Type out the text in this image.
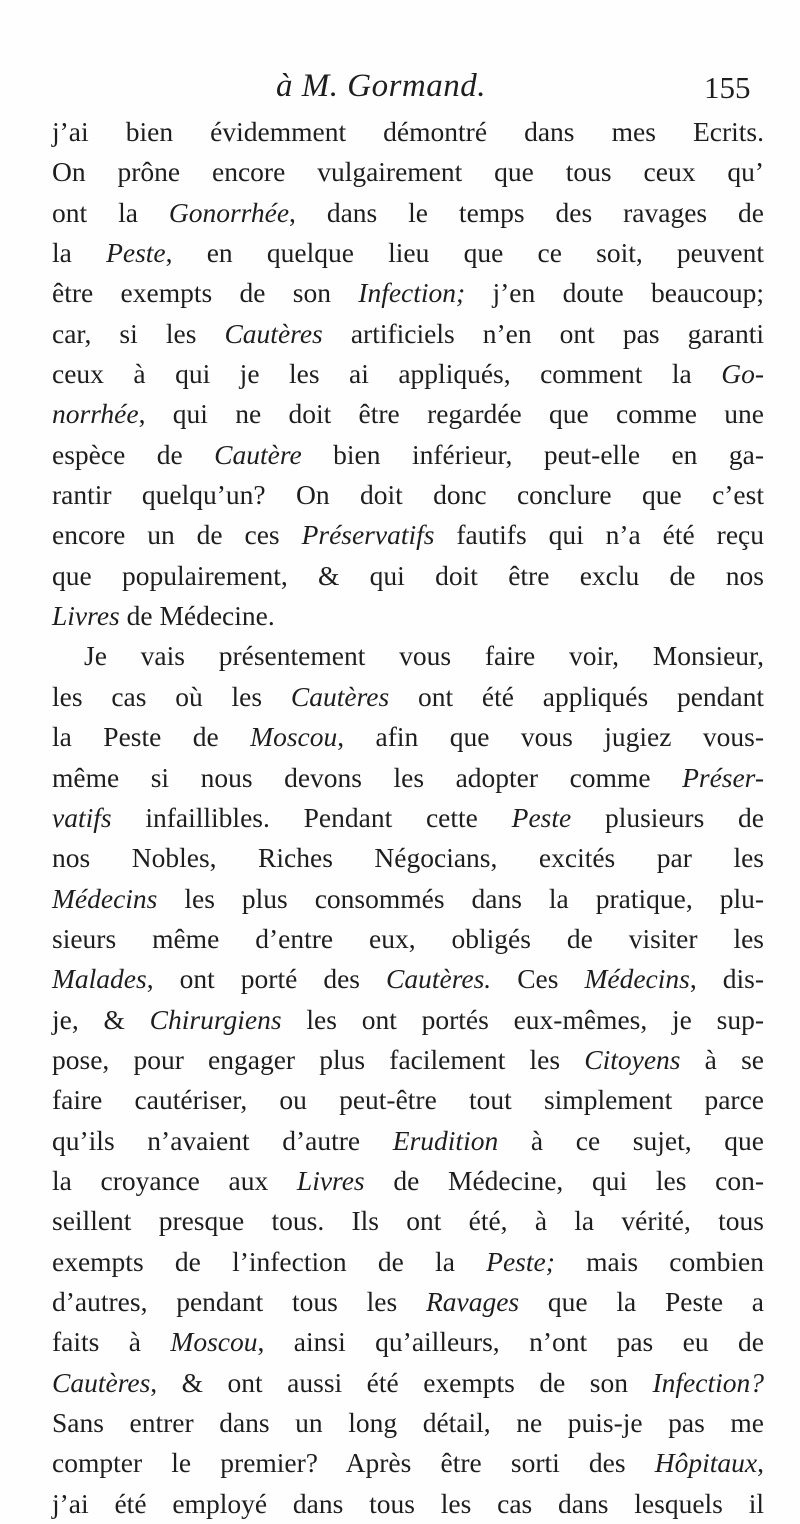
à M. Gormand.	155
j’ai bien évidemment démontré dans mes Ecrits.
On prône encore vulgairement que tous ceux qu’
ont la Gonorrhée, dans le temps des ravages de
la Peste, en quelque lieu que ce soit, peuvent
être exempts de son Infection; j’en doute beaucoup;
car, si les Cautères artificiels n’en ont pas garanti
ceux à qui je les ai appliqués, comment la Go-
norrhée, qui ne doit être regardée que comme une
espèce de Cautère bien inférieur, peut-elle en ga-
rantir quelqu’un? On doit donc conclure que c’est
encore un de ces Préservatifs fautifs qui n’a été reçu
que populairement, & qui doit être exclu de nos
Livres de Médecine.
Je vais présentement vous faire voir, Monsieur,
les cas où les Cautères ont été appliqués pendant
la Peste de Moscou, afin que vous jugiez vous-
même si nous devons les adopter comme Préser-
vatifs infaillibles. Pendant cette Peste plusieurs de
nos Nobles, Riches Négocians, excités par les
Médecins les plus consommés dans la pratique, plu-
sieurs même d’entre eux, obligés de visiter les
Malades, ont porté des Cautères. Ces Médecins, dis-
je, & Chirurgiens les ont portés eux-mêmes, je sup-
pose, pour engager plus facilement les Citoyens à se
faire cautériser, ou peut-être tout simplement parce
qu’ils n’avaient d’autre Erudition à ce sujet, que
la croyance aux Livres de Médecine, qui les con-
seillent presque tous. Ils ont été, à la vérité, tous
exempts de l’infection de la Peste; mais combien
d’autres, pendant tous les Ravages que la Peste a
faits à Moscou, ainsi qu’ailleurs, n’ont pas eu de
Cautères, & ont aussi été exempts de son Infection?
Sans entrer dans un long détail, ne puis-je pas me
compter le premier? Après être sorti des Hôpitaux,
j’ai été employé dans tous les cas dans lesquels il
